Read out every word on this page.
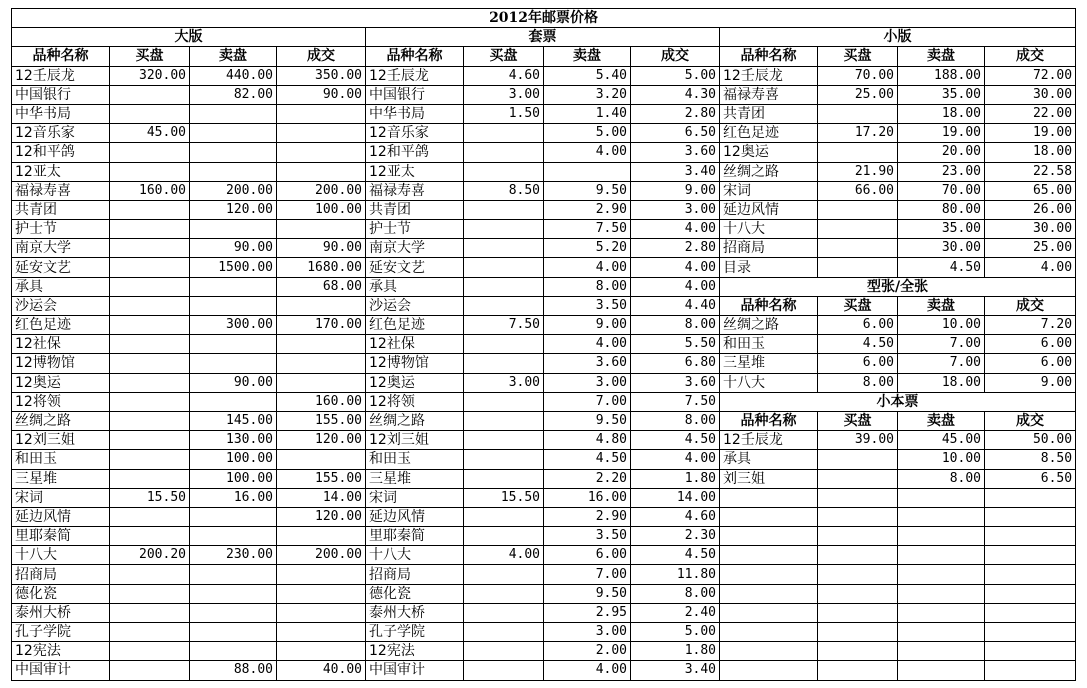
2012年邮票价格											
大版				套票				小版			
品种名称	买盘	卖盘	成交	品种名称	买盘	卖盘	成交	品种名称	买盘	卖盘	成交
12壬辰龙	320.00	440.00	350.00	12壬辰龙	4.60	5.40	5.00	12壬辰龙	70.00	188.00	72.00
中国银行		82.00	90.00	中国银行	3.00	3.20	4.30	福禄寿喜	25.00	35.00	30.00
中华书局				中华书局	1.50	1.40	2.80	共青团		18.00	22.00
12音乐家	45.00			12音乐家		5.00	6.50	红色足迹	17.20	19.00	19.00
12和平鸽				12和平鸽		4.00	3.60	12奥运		20.00	18.00
12亚太				12亚太			3.40	丝绸之路	21.90	23.00	22.58
福禄寿喜	160.00	200.00	200.00	福禄寿喜	8.50	9.50	9.00	宋词	66.00	70.00	65.00
共青团		120.00	100.00	共青团		2.90	3.00	延边风情		80.00	26.00
护士节				护士节		7.50	4.00	十八大		35.00	30.00
南京大学		90.00	90.00	南京大学		5.20	2.80	招商局		30.00	25.00
延安文艺		1500.00	1680.00	延安文艺		4.00	4.00	目录		4.50	4.00
承具			68.00	承具		8.00	4.00	型张/全张			
沙运会				沙运会		3.50	4.40	品种名称	买盘	卖盘	成交
红色足迹		300.00	170.00	红色足迹	7.50	9.00	8.00	丝绸之路	6.00	10.00	7.20
12社保				12社保		4.00	5.50	和田玉	4.50	7.00	6.00
12博物馆				12博物馆		3.60	6.80	三星堆	6.00	7.00	6.00
12奥运		90.00		12奥运	3.00	3.00	3.60	十八大	8.00	18.00	9.00
12将领			160.00	12将领		7.00	7.50	小本票			
丝绸之路		145.00	155.00	丝绸之路		9.50	8.00	品种名称	买盘	卖盘	成交
12刘三姐		130.00	120.00	12刘三姐		4.80	4.50	12壬辰龙	39.00	45.00	50.00
和田玉		100.00		和田玉		4.50	4.00	承具		10.00	8.50
三星堆		100.00	155.00	三星堆		2.20	1.80	刘三姐		8.00	6.50
宋词	15.50	16.00	14.00	宋词	15.50	16.00	14.00				
延边风情			120.00	延边风情		2.90	4.60				
里耶秦简				里耶秦简		3.50	2.30				
十八大	200.20	230.00	200.00	十八大	4.00	6.00	4.50				
招商局				招商局		7.00	11.80				
德化瓷				德化瓷		9.50	8.00				
泰州大桥				泰州大桥		2.95	2.40				
孔子学院				孔子学院		3.00	5.00				
12宪法				12宪法		2.00	1.80				
中国审计		88.00	40.00	中国审计		4.00	3.40				
